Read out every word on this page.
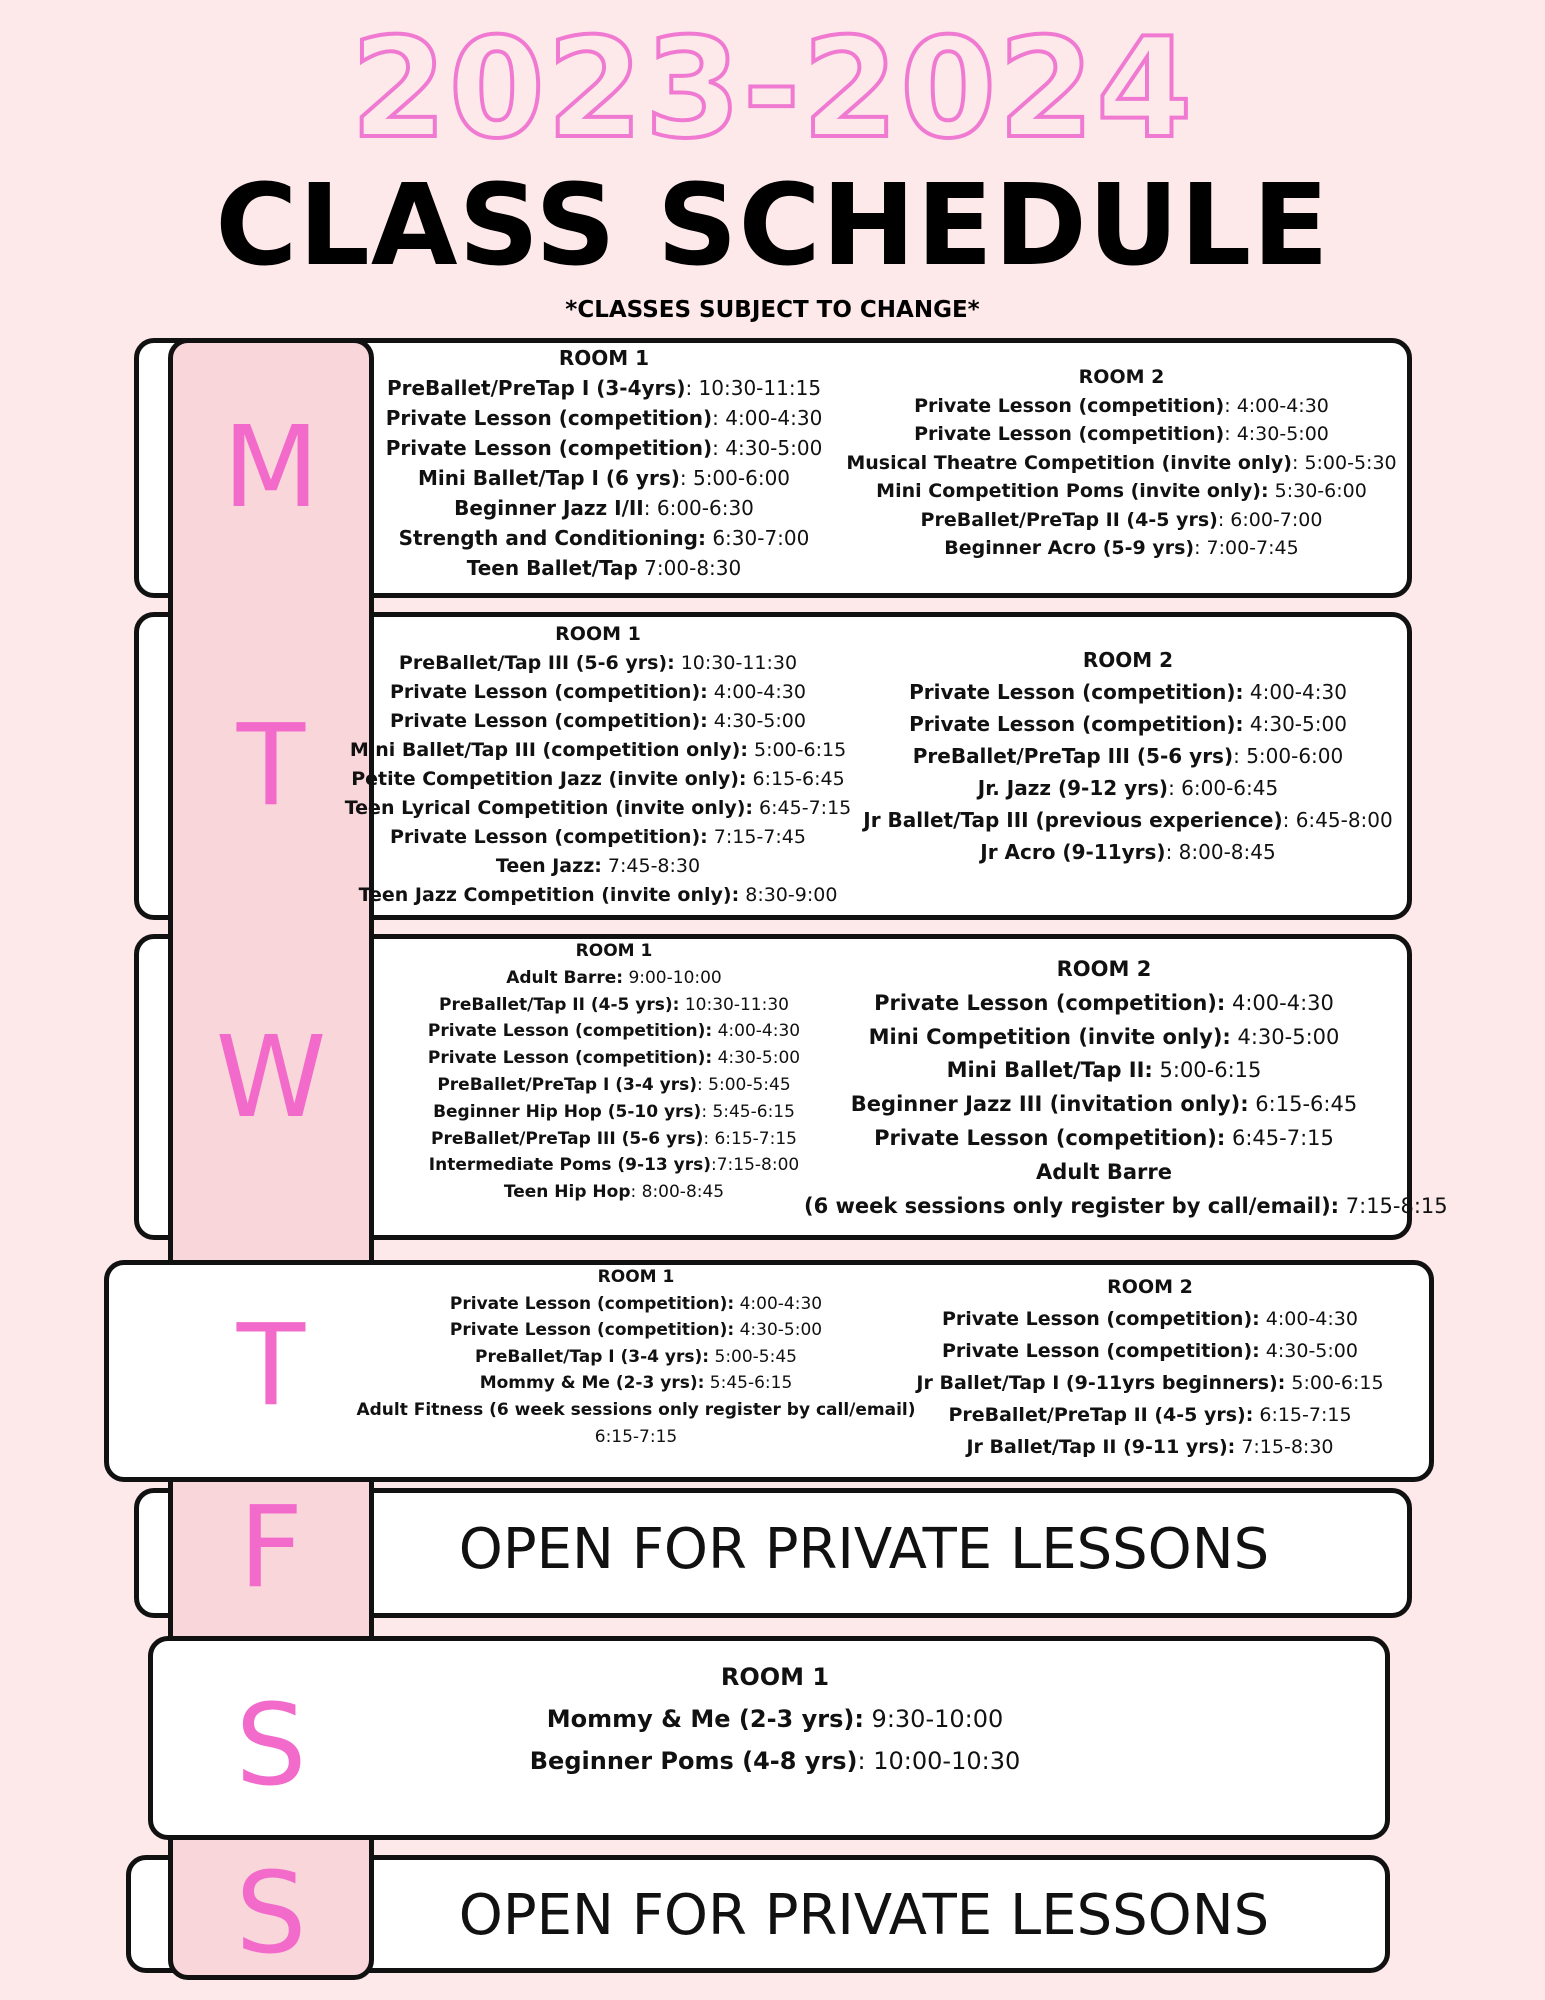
2023-2024
CLASS SCHEDULE
*CLASSES SUBJECT TO CHANGE*
M
T
W
T
F
S
S
ROOM 1
PreBallet/PreTap I (3-4yrs): 10:30-11:15
Private Lesson (competition): 4:00-4:30
Private Lesson (competition): 4:30-5:00
Mini Ballet/Tap I (6 yrs): 5:00-6:00
Beginner Jazz I/II: 6:00-6:30
Strength and Conditioning: 6:30-7:00
Teen Ballet/Tap 7:00-8:30
ROOM 2
Private Lesson (competition): 4:00-4:30
Private Lesson (competition): 4:30-5:00
Musical Theatre Competition (invite only): 5:00-5:30
Mini Competition Poms (invite only): 5:30-6:00
PreBallet/PreTap II (4-5 yrs): 6:00-7:00
Beginner Acro (5-9 yrs): 7:00-7:45
ROOM 1
PreBallet/Tap III (5-6 yrs): 10:30-11:30
Private Lesson (competition): 4:00-4:30
Private Lesson (competition): 4:30-5:00
Mini Ballet/Tap III (competition only): 5:00-6:15
Petite Competition Jazz (invite only): 6:15-6:45
Teen Lyrical Competition (invite only): 6:45-7:15
Private Lesson (competition): 7:15-7:45
Teen Jazz: 7:45-8:30
Teen Jazz Competition (invite only): 8:30-9:00
ROOM 2
Private Lesson (competition): 4:00-4:30
Private Lesson (competition): 4:30-5:00
PreBallet/PreTap III (5-6 yrs): 5:00-6:00
Jr. Jazz (9-12 yrs): 6:00-6:45
Jr Ballet/Tap III (previous experience): 6:45-8:00
Jr Acro (9-11yrs): 8:00-8:45
ROOM 1
Adult Barre: 9:00-10:00
PreBallet/Tap II (4-5 yrs): 10:30-11:30
Private Lesson (competition): 4:00-4:30
Private Lesson (competition): 4:30-5:00
PreBallet/PreTap I (3-4 yrs): 5:00-5:45
Beginner Hip Hop (5-10 yrs): 5:45-6:15
PreBallet/PreTap III (5-6 yrs): 6:15-7:15
Intermediate Poms (9-13 yrs):7:15-8:00
Teen Hip Hop: 8:00-8:45
ROOM 2
Private Lesson (competition): 4:00-4:30
Mini Competition (invite only): 4:30-5:00
Mini Ballet/Tap II: 5:00-6:15
Beginner Jazz III (invitation only): 6:15-6:45
Private Lesson (competition): 6:45-7:15
Adult Barre
(6 week sessions only register by call/email): 7:15-8:15
ROOM 1
Private Lesson (competition): 4:00-4:30
Private Lesson (competition): 4:30-5:00
PreBallet/Tap I (3-4 yrs): 5:00-5:45
Mommy & Me (2-3 yrs): 5:45-6:15
Adult Fitness (6 week sessions only register by call/email)
6:15-7:15
ROOM 2
Private Lesson (competition): 4:00-4:30
Private Lesson (competition): 4:30-5:00
Jr Ballet/Tap I (9-11yrs beginners): 5:00-6:15
PreBallet/PreTap II (4-5 yrs): 6:15-7:15
Jr Ballet/Tap II (9-11 yrs): 7:15-8:30
ROOM 1
Mommy & Me (2-3 yrs): 9:30-10:00
Beginner Poms (4-8 yrs): 10:00-10:30
OPEN FOR PRIVATE LESSONS
OPEN FOR PRIVATE LESSONS
